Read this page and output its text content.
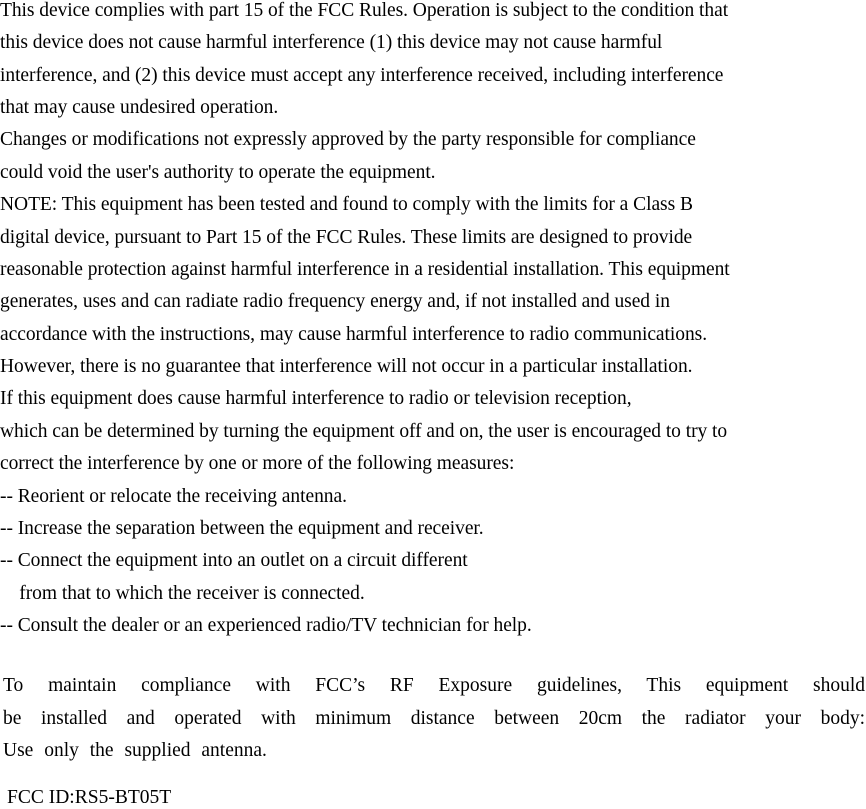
This device complies with part 15 of the FCC Rules. Operation is subject to the condition that
this device does not cause harmful interference (1) this device may not cause harmful
interference, and (2) this device must accept any interference received, including interference
that may cause undesired operation.
Changes or modifications not expressly approved by the party responsible for compliance
could void the user's authority to operate the equipment.
NOTE: This equipment has been tested and found to comply with the limits for a Class B
digital device, pursuant to Part 15 of the FCC Rules. These limits are designed to provide
reasonable protection against harmful interference in a residential installation. This equipment
generates, uses and can radiate radio frequency energy and, if not installed and used in
accordance with the instructions, may cause harmful interference to radio communications.
However, there is no guarantee that interference will not occur in a particular installation.
If this equipment does cause harmful interference to radio or television reception,
which can be determined by turning the equipment off and on, the user is encouraged to try to
correct the interference by one or more of the following measures:
-- Reorient or relocate the receiving antenna.
-- Increase the separation between the equipment and receiver.
-- Connect the equipment into an outlet on a circuit different
from that to which the receiver is connected.
-- Consult the dealer or an experienced radio/TV technician for help.
To maintain compliance with FCC’s RF Exposure guidelines, This equipment should
be installed and operated with minimum distance between 20cm the radiator your body:
Use only the supplied antenna.
FCC ID:RS5-BT05T
